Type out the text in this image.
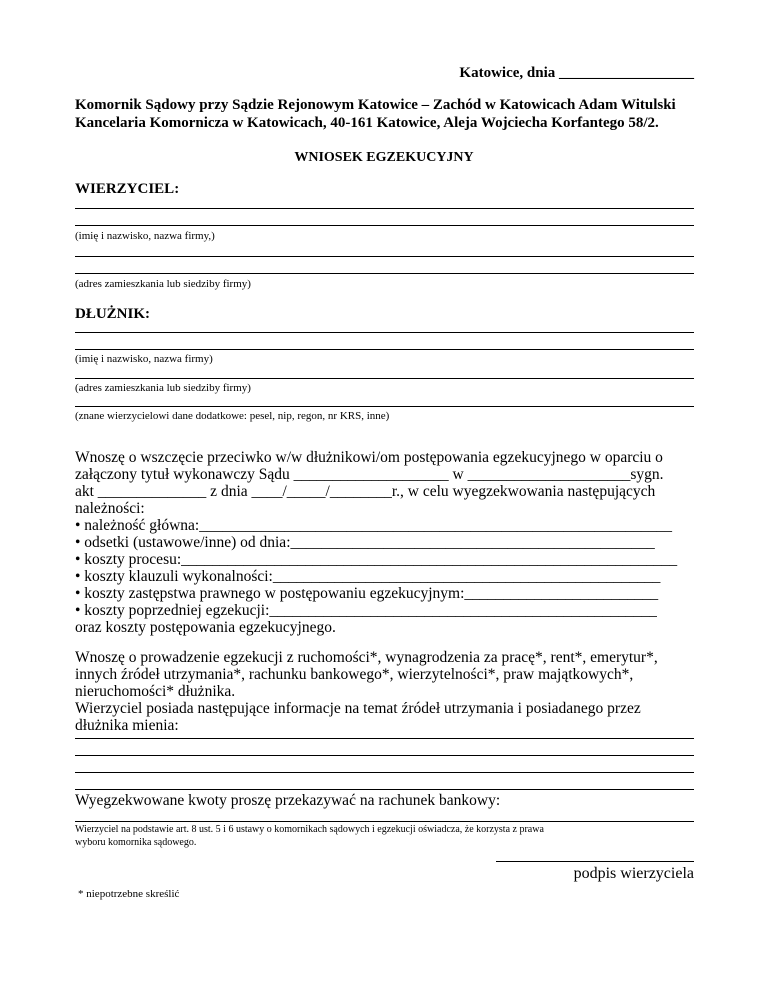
Katowice, dnia __________________
Komornik Sądowy przy Sądzie Rejonowym Katowice – Zachód w Katowicach Adam Witulski
Kancelaria Komornicza w Katowicach, 40-161 Katowice, Aleja Wojciecha Korfantego 58/2.
WNIOSEK EGZEKUCYJNY
WIERZYCIEL:
(imię i nazwisko, nazwa firmy,)
(adres zamieszkania lub siedziby firmy)
DŁUŻNIK:
(imię i nazwisko, nazwa firmy)
(adres zamieszkania lub siedziby firmy)
(znane wierzycielowi dane dodatkowe: pesel, nip, regon, nr KRS, inne)
Wnoszę o wszczęcie przeciwko w/w dłużnikowi/om postępowania egzekucyjnego w oparciu o
załączony tytuł wykonawczy Sądu ____________________ w _____________________sygn.
akt ______________ z dnia ____/_____/________r., w celu wyegzekwowania następujących
należności:
• należność główna:_____________________________________________________________
• odsetki (ustawowe/inne) od dnia:_______________________________________________
• koszty procesu:________________________________________________________________
• koszty klauzuli wykonalności:__________________________________________________
• koszty zastępstwa prawnego w postępowaniu egzekucyjnym:_________________________
• koszty poprzedniej egzekucji:__________________________________________________
oraz koszty postępowania egzekucyjnego.
Wnoszę o prowadzenie egzekucji z ruchomości*, wynagrodzenia za pracę*, rent*, emerytur*,
innych źródeł utrzymania*, rachunku bankowego*, wierzytelności*, praw majątkowych*,
nieruchomości* dłużnika.
Wierzyciel posiada następujące informacje na temat źródeł utrzymania i posiadanego przez
dłużnika mienia:
Wyegzekwowane kwoty proszę przekazywać na rachunek bankowy:
Wierzyciel na podstawie art. 8 ust. 5 i 6 ustawy o komornikach sądowych i egzekucji oświadcza, że korzysta z prawa
wyboru komornika sądowego.
podpis wierzyciela
* niepotrzebne skreślić
